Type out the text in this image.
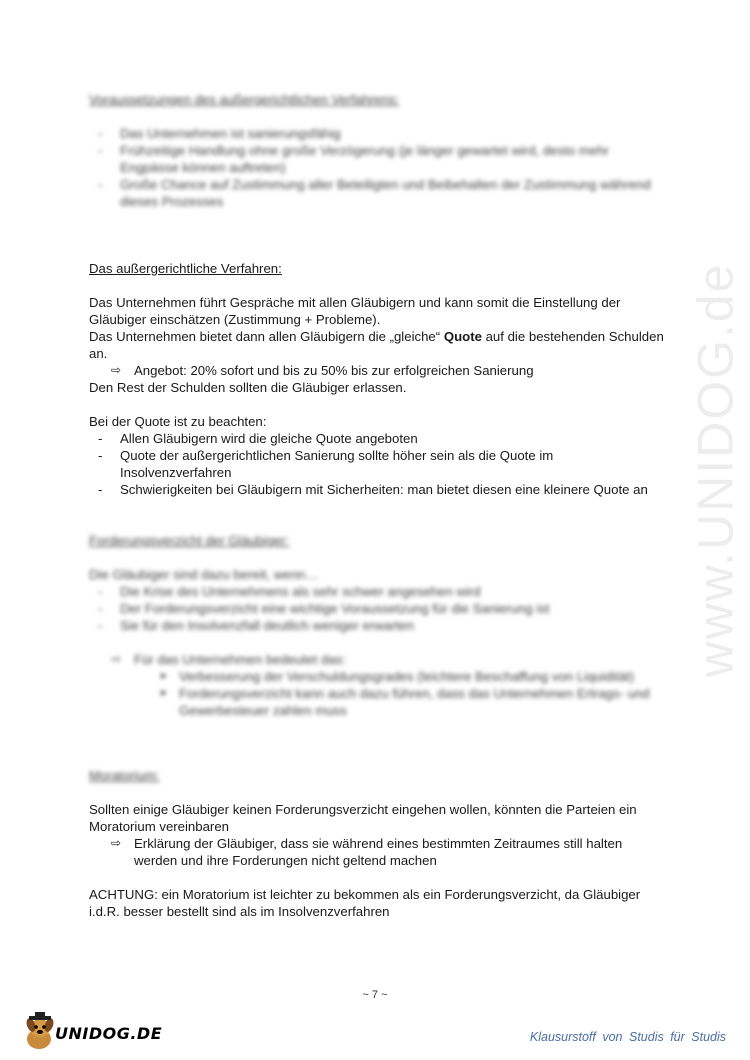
www.UNIDOG.de
Voraussetzungen des außergerichtlichen Verfahrens:
- Das Unternehmen ist sanierungsfähig
- Frühzeitige Handlung ohne große Verzögerung (je länger gewartet wird, desto mehr Engpässe können auftreten)
- Große Chance auf Zustimmung aller Beteiligten und Beibehalten der Zustimmung während dieses Prozesses
Das außergerichtliche Verfahren:

Das Unternehmen führt Gespräche mit allen Gläubigern und kann somit die Einstellung der Gläubiger einschätzen (Zustimmung + Probleme).

Das Unternehmen bietet dann allen Gläubigern die „gleiche“ Quote auf die bestehenden Schulden an.

⇨ Angebot: 20% sofort und bis zu 50% bis zur erfolgreichen Sanierung

Den Rest der Schulden sollten die Gläubiger erlassen.

Bei der Quote ist zu beachten:

- Allen Gläubigern wird die gleiche Quote angeboten
- Quote der außergerichtlichen Sanierung sollte höher sein als die Quote im Insolvenzverfahren
- Schwierigkeiten bei Gläubigern mit Sicherheiten: man bietet diesen eine kleinere Quote an
Forderungsverzicht der Gläubiger:

Die Gläubiger sind dazu bereit, wenn…

- Die Krise des Unternehmens als sehr schwer angesehen wird
- Der Forderungsverzicht eine wichtige Voraussetzung für die Sanierung ist
- Sie für den Insolvenzfall deutlich weniger erwarten
⇨ Für das Unternehmen bedeutet das:
➤ Verbesserung der Verschuldungsgrades (leichtere Beschaffung von Liquidität)
➤ Forderungsverzicht kann auch dazu führen, dass das Unternehmen Ertrags- und Gewerbesteuer zahlen muss
Moratorium:

Sollten einige Gläubiger keinen Forderungsverzicht eingehen wollen, könnten die Parteien ein Moratorium vereinbaren

⇨ Erklärung der Gläubiger, dass sie während eines bestimmten Zeitraumes still halten werden und ihre Forderungen nicht geltend machen

ACHTUNG: ein Moratorium ist leichter zu bekommen als ein Forderungsverzicht, da Gläubiger i.d.R. besser bestellt sind als im Insolvenzverfahren

~ 7 ~
UNIDOG.DE	Klausurstoff von Studis für Studis
